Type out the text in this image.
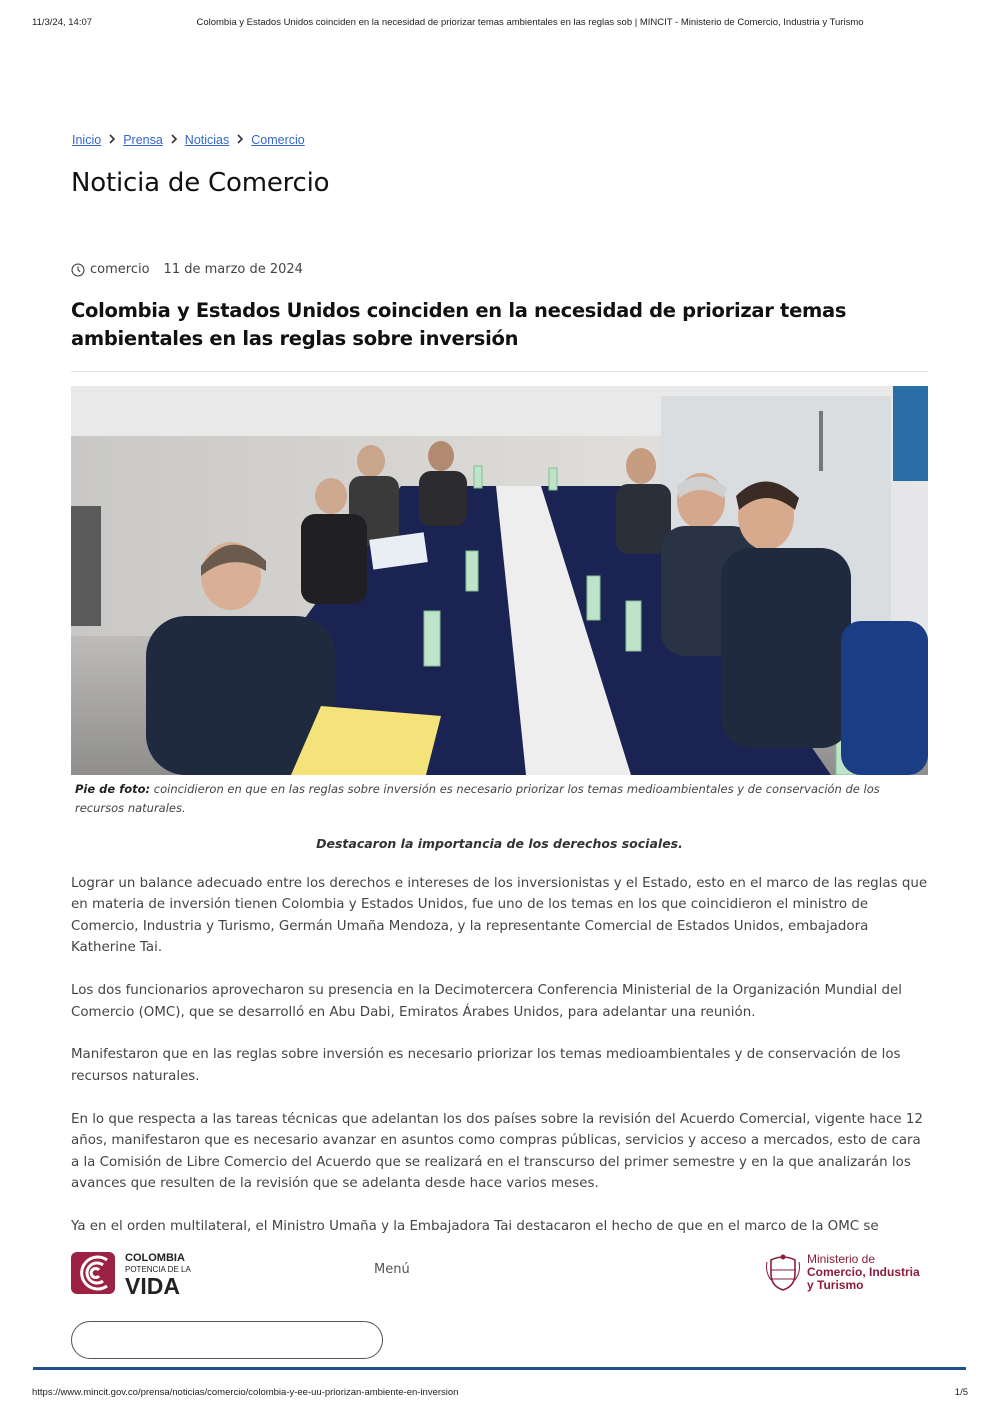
11/3/24, 14:07	Colombia y Estados Unidos coinciden en la necesidad de priorizar temas ambientales en las reglas sob | MINCIT - Ministerio de Comercio, Industria y Turismo
Inicio Prensa Noticias Comercio
Noticia de Comercio
comercio 11 de marzo de 2024
Colombia y Estados Unidos coinciden en la necesidad de priorizar temas ambientales en las reglas sobre inversión

Pie de foto: coincidieron en que en las reglas sobre inversión es necesario priorizar los temas medioambientales y de conservación de los recursos naturales.

Destacaron la importancia de los derechos sociales.

Lograr un balance adecuado entre los derechos e intereses de los inversionistas y el Estado, esto en el marco de las reglas que en materia de inversión tienen Colombia y Estados Unidos, fue uno de los temas en los que coincidieron el ministro de Comercio, Industria y Turismo, Germán Umaña Mendoza, y la representante Comercial de Estados Unidos, embajadora Katherine Tai.

Los dos funcionarios aprovecharon su presencia en la Decimotercera Conferencia Ministerial de la Organización Mundial del Comercio (OMC), que se desarrolló en Abu Dabi, Emiratos Árabes Unidos, para adelantar una reunión.

Manifestaron que en las reglas sobre inversión es necesario priorizar los temas medioambientales y de conservación de los recursos naturales.

En lo que respecta a las tareas técnicas que adelantan los dos países sobre la revisión del Acuerdo Comercial, vigente hace 12 años, manifestaron que es necesario avanzar en asuntos como compras públicas, servicios y acceso a mercados, esto de cara a la Comisión de Libre Comercio del Acuerdo que se realizará en el transcurso del primer semestre y en la que analizarán los avances que resulten de la revisión que se adelanta desde hace varios meses.

Ya en el orden multilateral, el Ministro Umaña y la Embajadora Tai destacaron el hecho de que en el marco de la OMC se

COLOMBIA
POTENCIA DE LA
VIDA
Menú
Ministerio de
Comercio, Industria
y Turismo
https://www.mincit.gov.co/prensa/noticias/comercio/colombia-y-ee-uu-priorizan-ambiente-en-inversion	1/5
